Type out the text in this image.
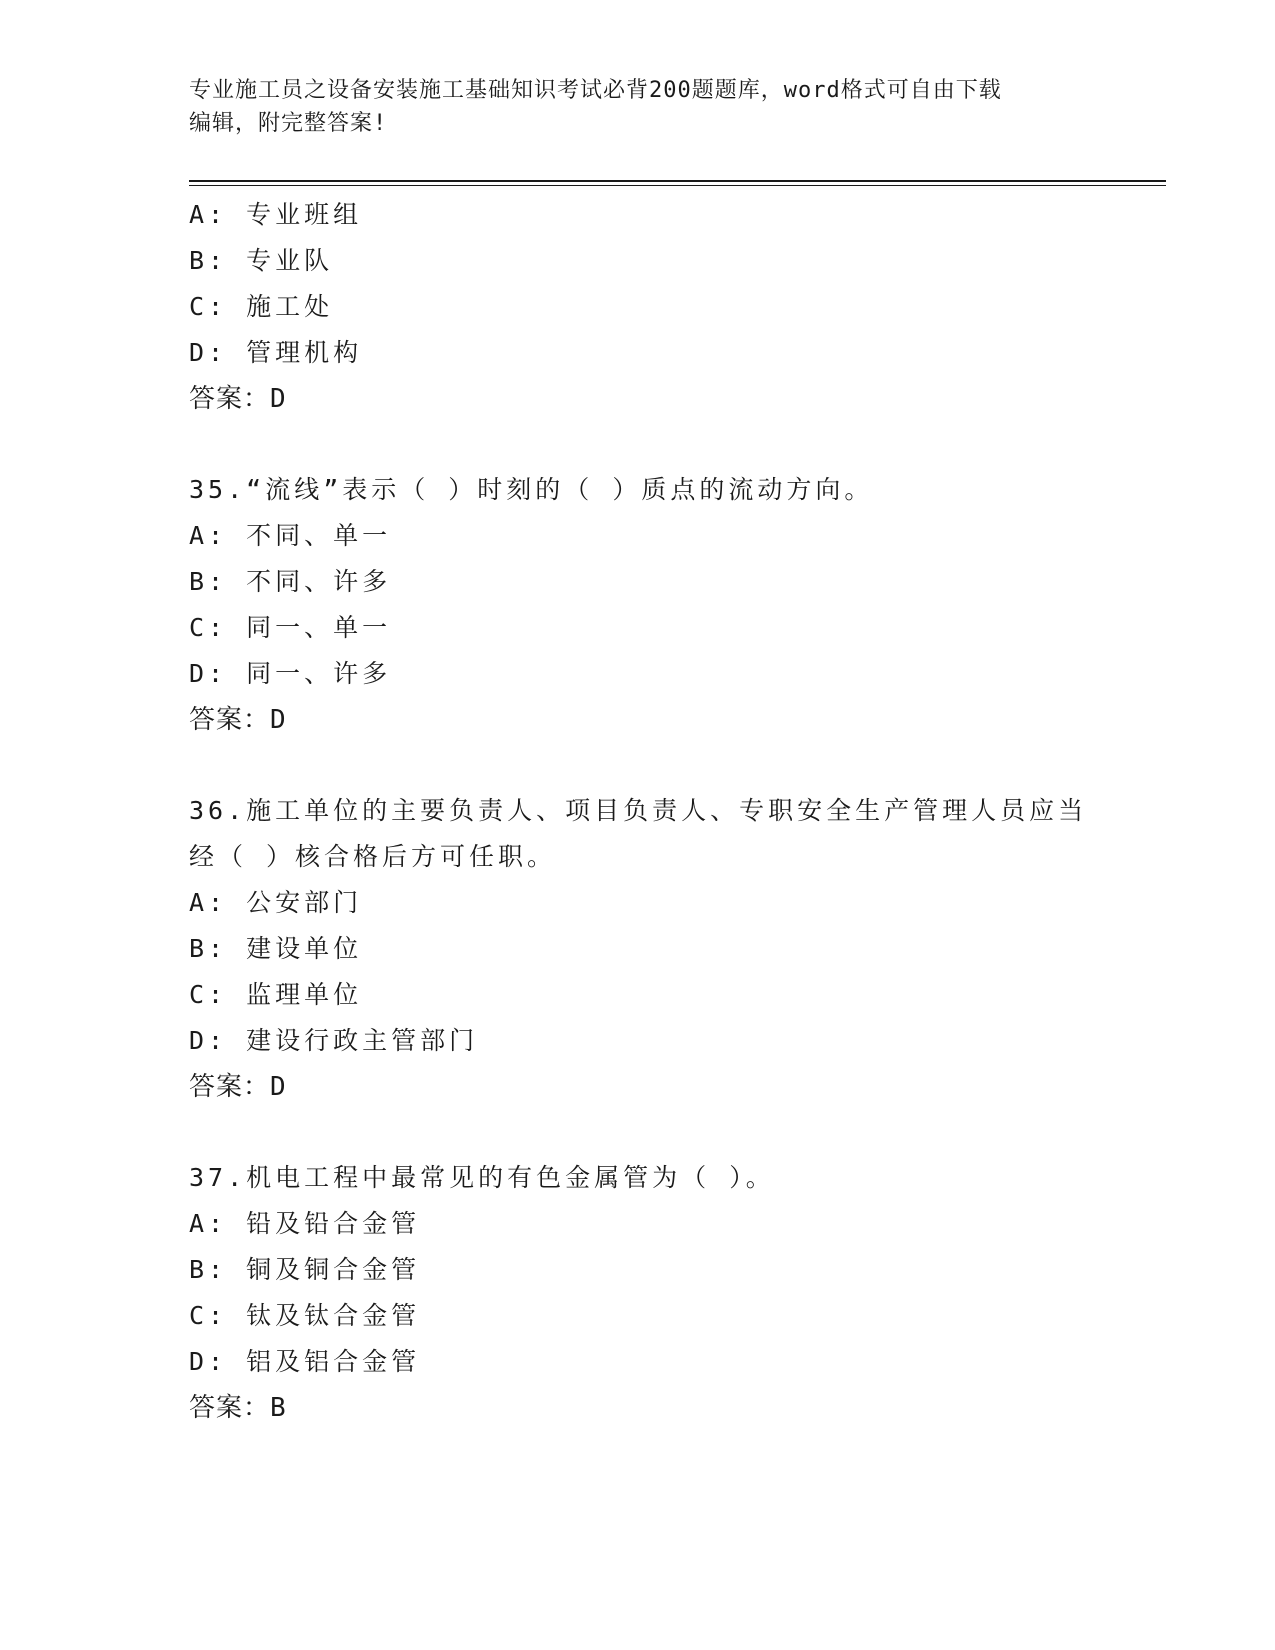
专业施工员之设备安装施工基础知识考试必背200题题库，word格式可自由下载
编辑，附完整答案!
A: 专业班组
B: 专业队
C: 施工处
D: 管理机构
答案：D
35.“流线”表示（ ）时刻的（ ）质点的流动方向。
A: 不同、单一
B: 不同、许多
C: 同一、单一
D: 同一、许多
答案：D
36.施工单位的主要负责人、项目负责人、专职安全生产管理人员应当
经（ ）核合格后方可任职。
A: 公安部门
B: 建设单位
C: 监理单位
D: 建设行政主管部门
答案：D
37.机电工程中最常见的有色金属管为（ ）。
A: 铅及铅合金管
B: 铜及铜合金管
C: 钛及钛合金管
D: 铝及铝合金管
答案：B
